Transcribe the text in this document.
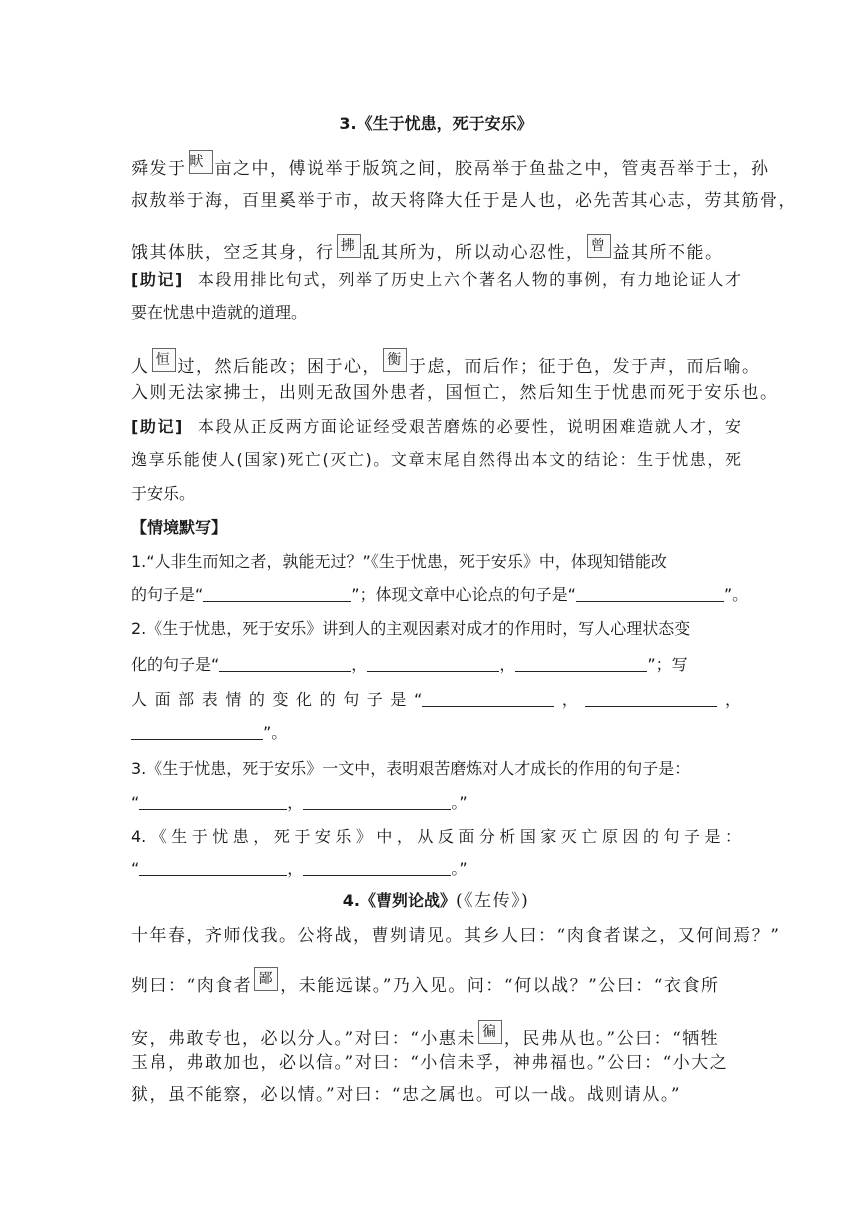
3.《生于忧患，死于安乐》
舜发于 畎 亩之中，傅说举于版筑之间，胶鬲举于鱼盐之中，管夷吾举于士，孙
叔敖举于海，百里奚举于市，故天将降大任于是人也，必先苦其心志，劳其筋骨，
饿其体肤，空乏其身，行 拂 乱其所为，所以动心忍性， 曾 益其所不能。
[助记] 本段用排比句式，列举了历史上六个著名人物的事例，有力地论证人才
要在忧患中造就的道理。
人 恒 过，然后能改；困于心， 衡 于虑，而后作；征于色，发于声，而后喻。
入则无法家拂士，出则无敌国外患者，国恒亡，然后知生于忧患而死于安乐也。
[助记] 本段从正反两方面论证经受艰苦磨炼的必要性，说明困难造就人才，安
逸享乐能使人(国家)死亡(灭亡)。文章末尾自然得出本文的结论：生于忧患，死
于安乐。
【情境默写】
1.“人非生而知之者，孰能无过？”《生于忧患，死于安乐》中，体现知错能改
的句子是“	”；体现文章中心论点的句子是“	”。
2.《生于忧患，死于安乐》讲到人的主观因素对成才的作用时，写人心理状态变
化的句子是“	，	，	”；写
人面部表情的变化的句子是“	，	，
”。
3.《生于忧患，死于安乐》一文中，表明艰苦磨炼对人才成长的作用的句子是：
“	，	。”
4.《生于忧患，死于安乐》中，从反面分析国家灭亡原因的句子是：
“	，	。”
4.《曹刿论战》(《左传》)
十年春，齐师伐我。公将战，曹刿请见。其乡人曰：“肉食者谋之，又何间焉？”
刿曰：“肉食者 鄙 ，未能远谋。”乃入见。问：“何以战？”公曰：“衣食所
安，弗敢专也，必以分人。”对曰：“小惠未 徧 ，民弗从也。”公曰：“牺牲
玉帛，弗敢加也，必以信。”对曰：“小信未孚，神弗福也。”公曰：“小大之
狱，虽不能察，必以情。”对曰：“忠之属也。可以一战。战则请从。”
